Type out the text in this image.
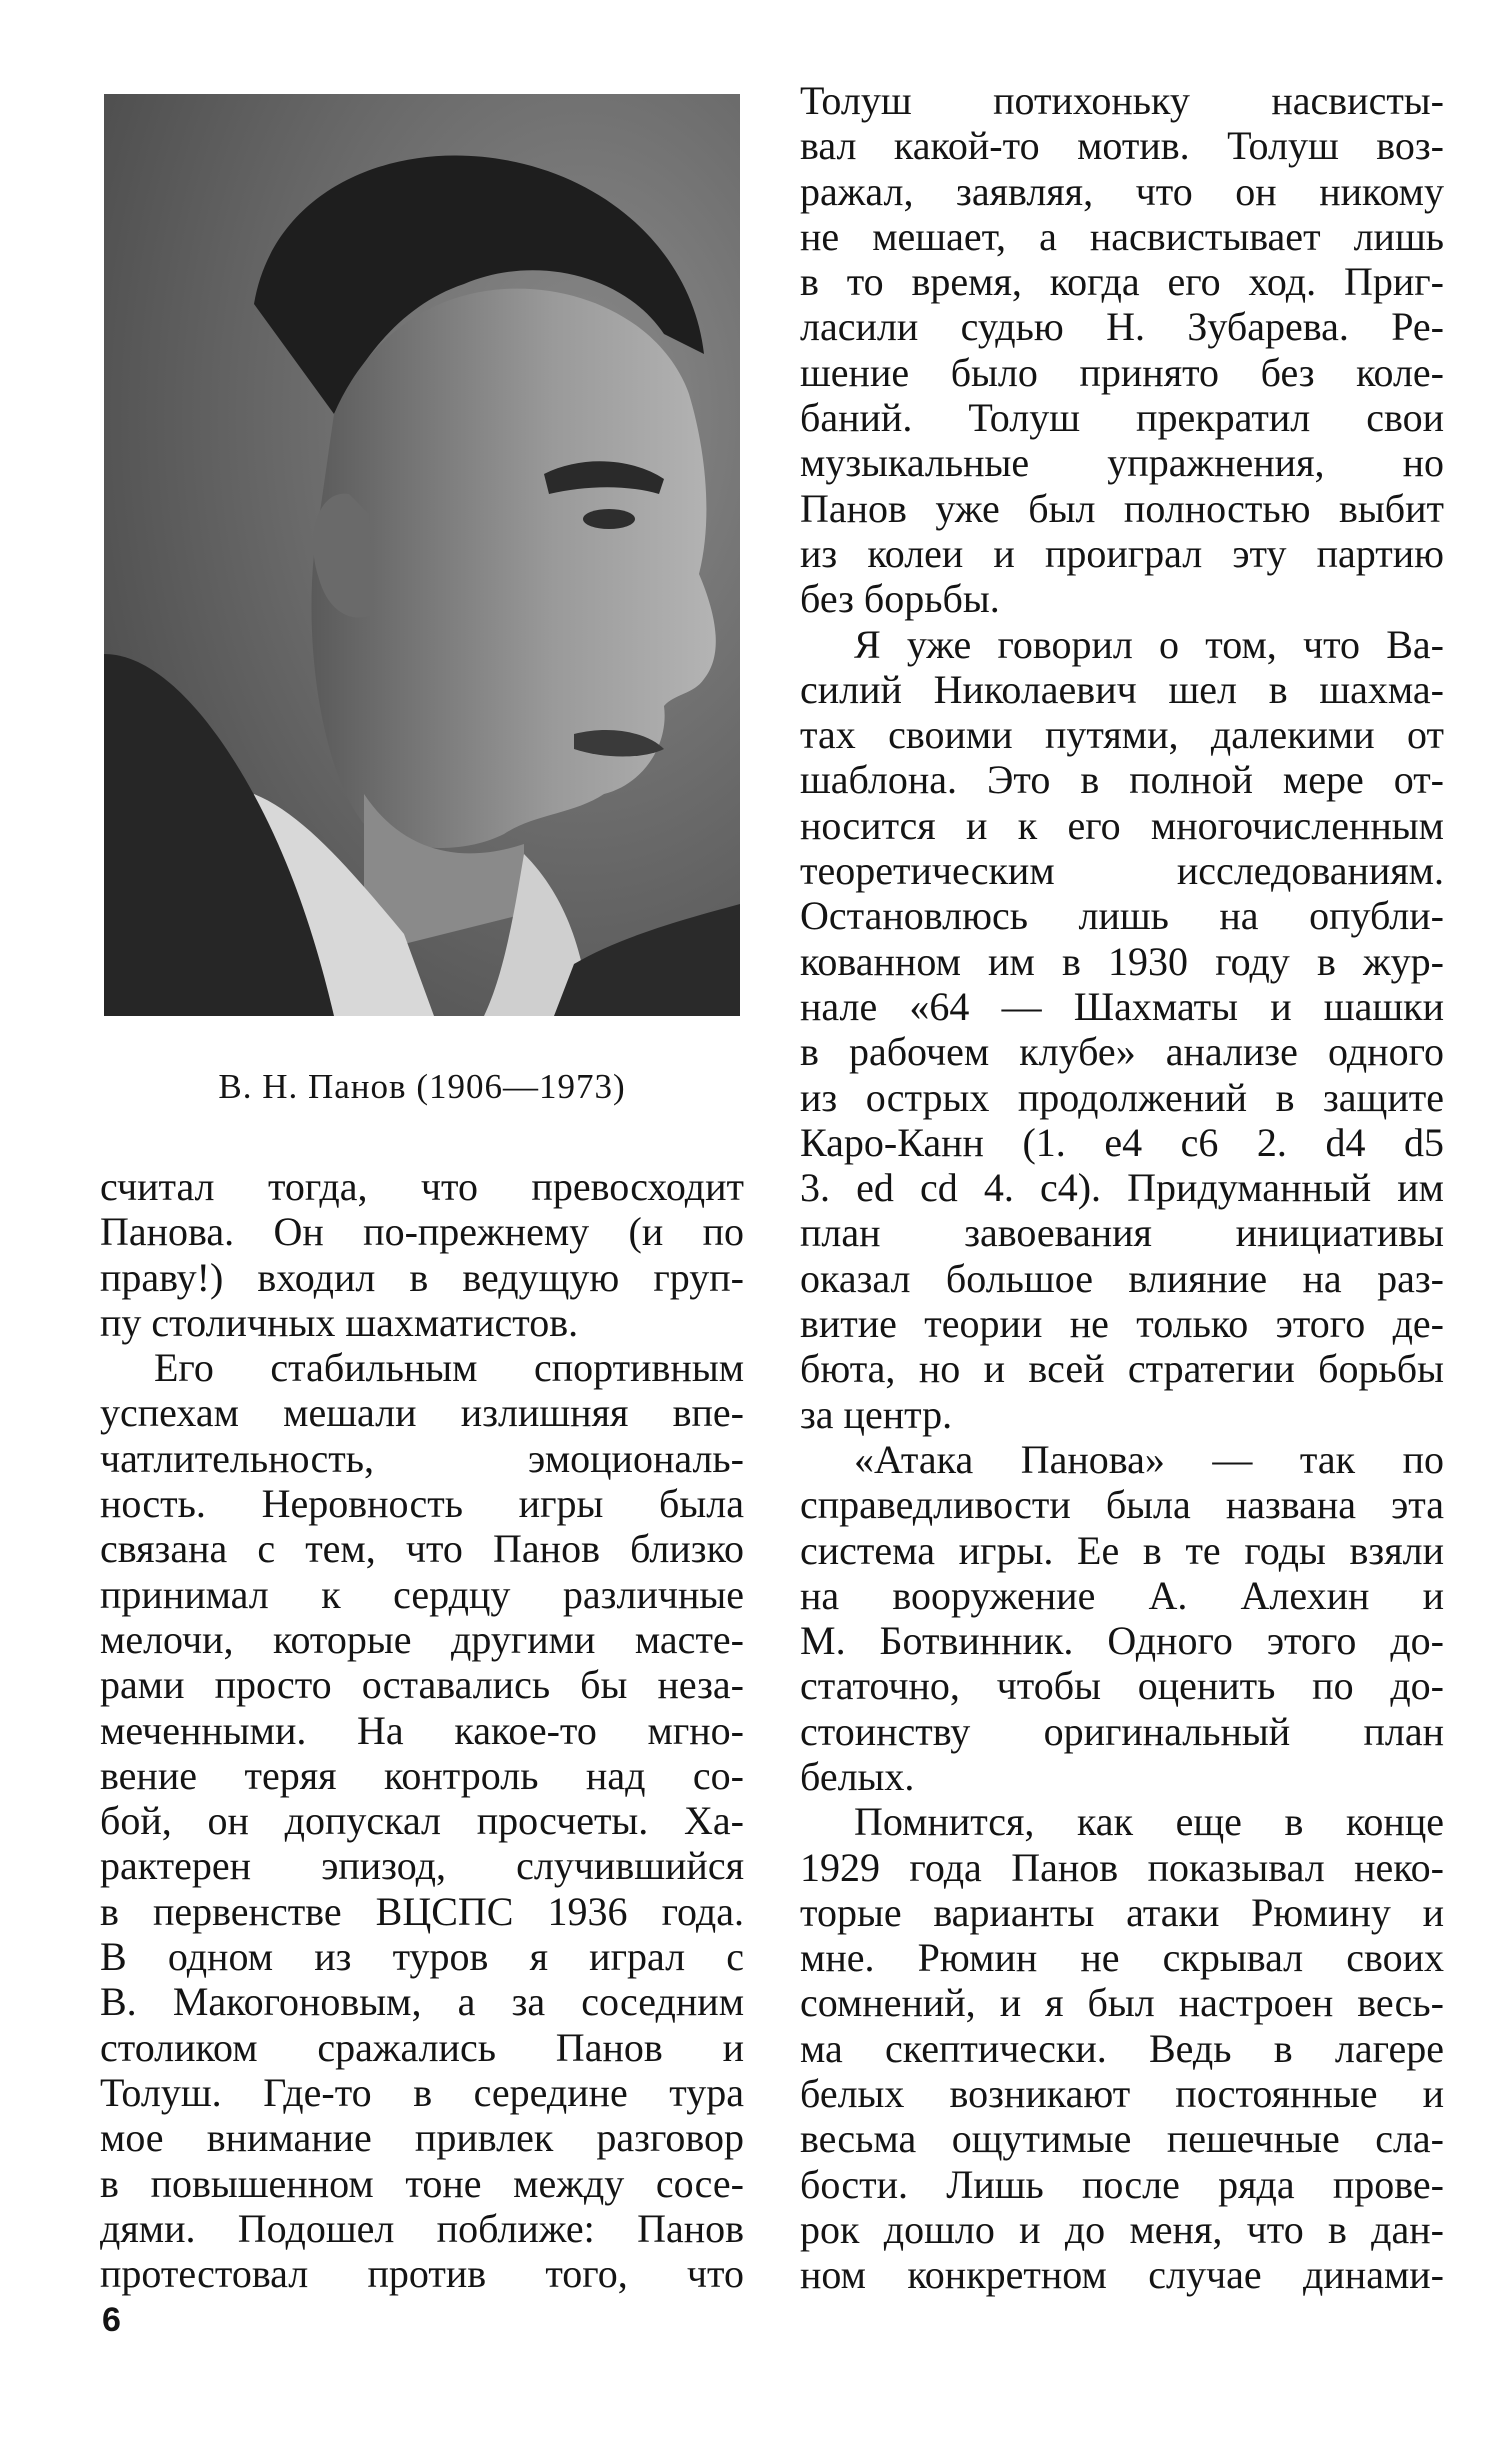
В. Н. Панов (1906—1973)
считал тогда, что превосходит
Панова. Он по-прежнему (и по
праву!) входил в ведущую груп-
пу столичных шахматистов.
Его стабильным спортивным
успехам мешали излишняя впе-
чатлительность, эмоциональ-
ность. Неровность игры была
связана с тем, что Панов близко
принимал к сердцу различные
мелочи, которые другими масте-
рами просто оставались бы неза-
меченными. На какое-то мгно-
вение теряя контроль над со-
бой, он допускал просчеты. Ха-
рактерен эпизод, случившийся
в первенстве ВЦСПС 1936 года.
В одном из туров я играл с
В. Макогоновым, а за соседним
столиком сражались Панов и
Толуш. Где-то в середине тура
мое внимание привлек разговор
в повышенном тоне между сосе-
дями. Подошел поближе: Панов
протестовал против того, что
Толуш потихоньку насвисты-
вал какой-то мотив. Толуш воз-
ражал, заявляя, что он никому
не мешает, а насвистывает лишь
в то время, когда его ход. Приг-
ласили судью Н. Зубарева. Ре-
шение было принято без коле-
баний. Толуш прекратил свои
музыкальные упражнения, но
Панов уже был полностью выбит
из колеи и проиграл эту партию
без борьбы.
Я уже говорил о том, что Ва-
силий Николаевич шел в шахма-
тах своими путями, далекими от
шаблона. Это в полной мере от-
носится и к его многочисленным
теоретическим исследованиям.
Остановлюсь лишь на опубли-
кованном им в 1930 году в жур-
нале «64 — Шахматы и шашки
в рабочем клубе» анализе одного
из острых продолжений в защите
Каро-Канн (1. е4 с6 2. d4 d5
3. ed cd 4. с4). Придуманный им
план завоевания инициативы
оказал большое влияние на раз-
витие теории не только этого де-
бюта, но и всей стратегии борьбы
за центр.
«Атака Панова» — так по
справедливости была названа эта
система игры. Ее в те годы взяли
на вооружение А. Алехин и
М. Ботвинник. Одного этого до-
статочно, чтобы оценить по до-
стоинству оригинальный план
белых.
Помнится, как еще в конце
1929 года Панов показывал неко-
торые варианты атаки Рюмину и
мне. Рюмин не скрывал своих
сомнений, и я был настроен весь-
ма скептически. Ведь в лагере
белых возникают постоянные и
весьма ощутимые пешечные сла-
бости. Лишь после ряда прове-
рок дошло и до меня, что в дан-
ном конкретном случае динами-
6
